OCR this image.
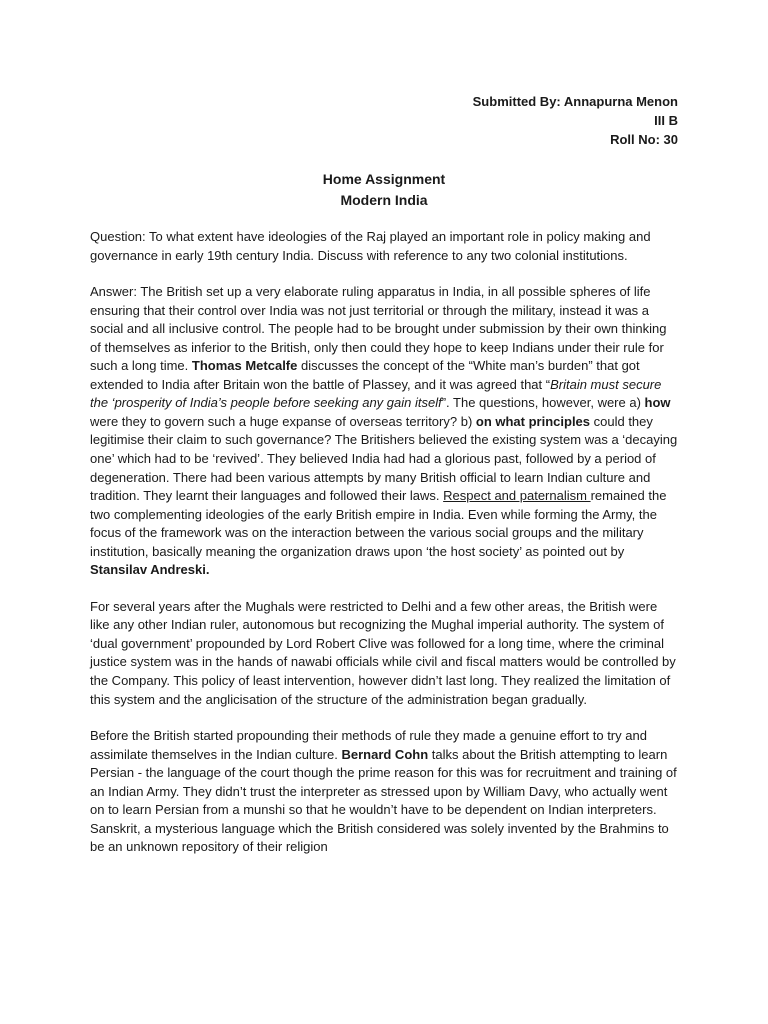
Submitted By: Annapurna Menon
III B
Roll No: 30
Home Assignment
Modern India

Question: To what extent have ideologies of the Raj played an important role in policy making and governance in early 19th century India. Discuss with reference to any two colonial institutions.

Answer: The British set up a very elaborate ruling apparatus in India, in all possible spheres of life ensuring that their control over India was not just territorial or through the military, instead it was a social and all inclusive control. The people had to be brought under submission by their own thinking of themselves as inferior to the British, only then could they hope to keep Indians under their rule for such a long time. Thomas Metcalfe discusses the concept of the “White man’s burden” that got extended to India after Britain won the battle of Plassey, and it was agreed that “Britain must secure the ‘prosperity of India’s people before seeking any gain itself”. The questions, however, were a) how were they to govern such a huge expanse of overseas territory? b) on what principles could they legitimise their claim to such governance? The Britishers believed the existing system was a ‘decaying one’ which had to be ‘revived’. They believed India had had a glorious past, followed by a period of degeneration. There had been various attempts by many British official to learn Indian culture and tradition. They learnt their languages and followed their laws. Respect and paternalism remained the two complementing ideologies of the early British empire in India. Even while forming the Army, the focus of the framework was on the interaction between the various social groups and the military institution, basically meaning the organization draws upon ‘the host society’ as pointed out by Stansilav Andreski.

For several years after the Mughals were restricted to Delhi and a few other areas, the British were like any other Indian ruler, autonomous but recognizing the Mughal imperial authority. The system of ‘dual government’ propounded by Lord Robert Clive was followed for a long time, where the criminal justice system was in the hands of nawabi officials while civil and fiscal matters would be controlled by the Company. This policy of least intervention, however didn’t last long. They realized the limitation of this system and the anglicisation of the structure of the administration began gradually.

Before the British started propounding their methods of rule they made a genuine effort to try and assimilate themselves in the Indian culture. Bernard Cohn talks about the British attempting to learn Persian - the language of the court though the prime reason for this was for recruitment and training of an Indian Army. They didn’t trust the interpreter as stressed upon by William Davy, who actually went on to learn Persian from a munshi so that he wouldn’t have to be dependent on Indian interpreters. Sanskrit, a mysterious language which the British considered was solely invented by the Brahmins to be an unknown repository of their religion
